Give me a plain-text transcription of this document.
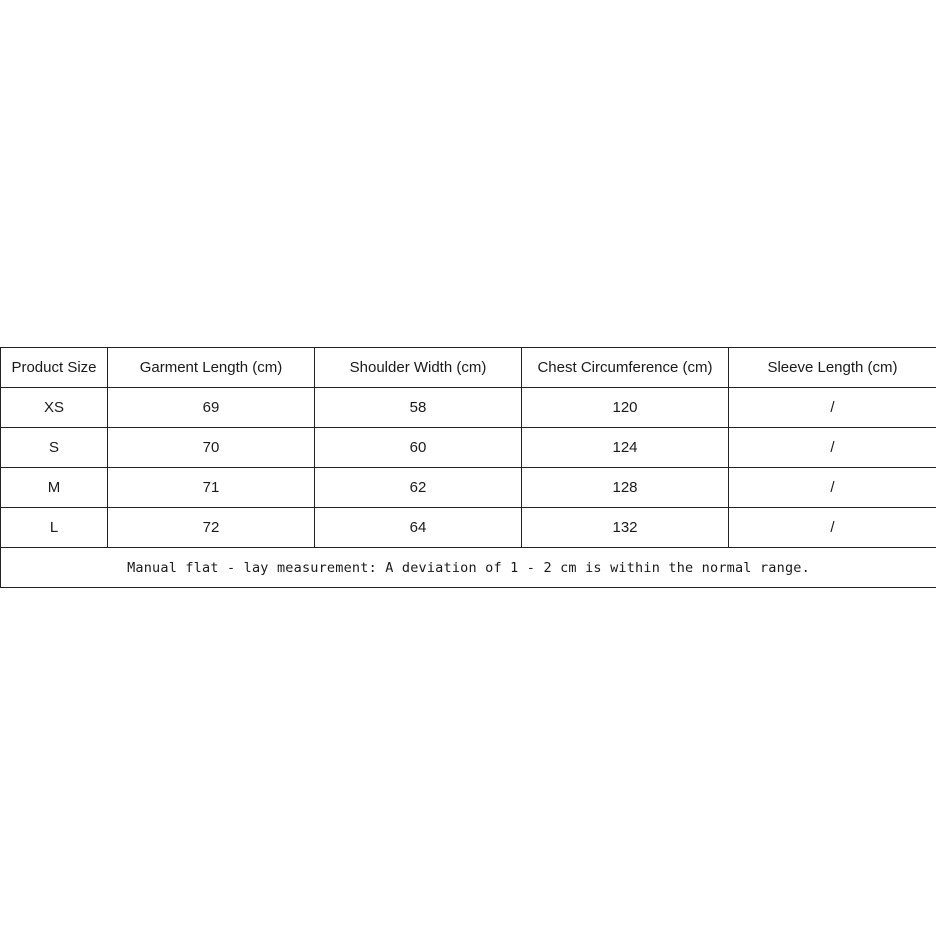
Product Size	Garment Length (cm)	Shoulder Width (cm)	Chest Circumference (cm)	Sleeve Length (cm)
XS	69	58	120	/
S	70	60	124	/
M	71	62	128	/
L	72	64	132	/
Manual flat - lay measurement: A deviation of 1 - 2 cm is within the normal range.				
